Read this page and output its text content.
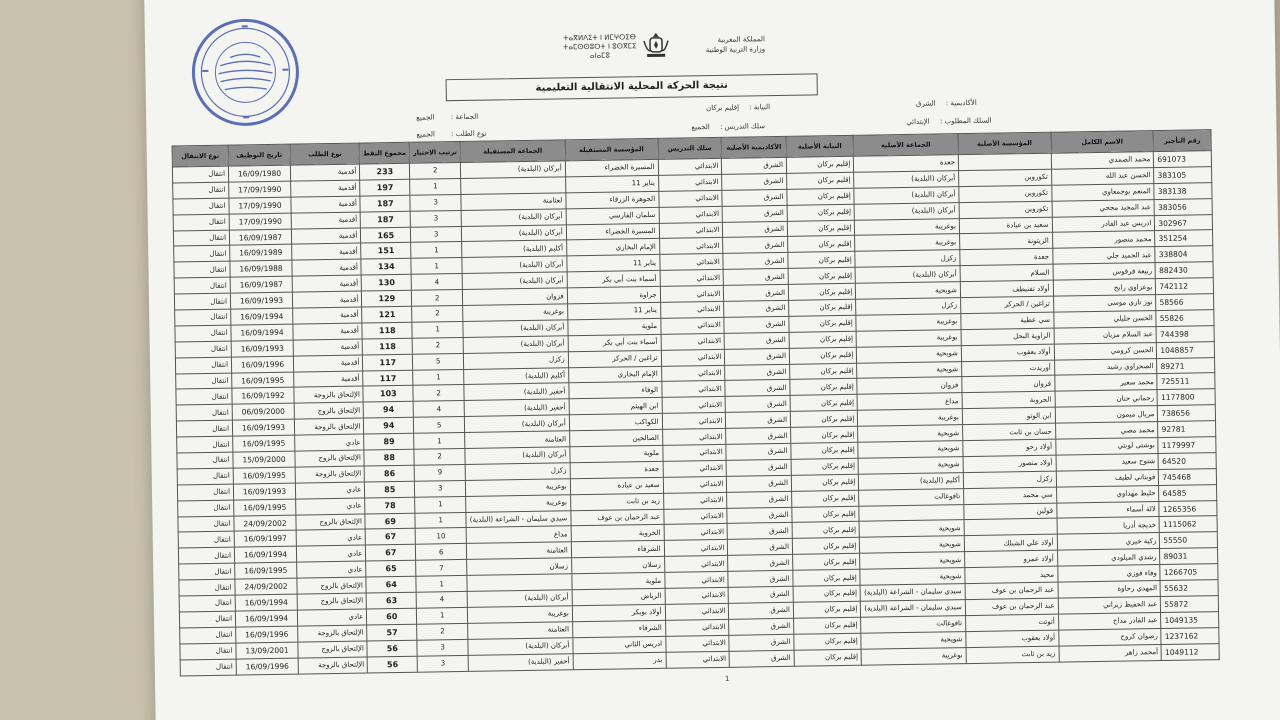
ⵜⴰⴳⵍⴷⵉⵜ ⵏ ⵍⵎⵖⵔⵉⴱ
ⵜⴰⵎⵙⵙⵓⵔⵜ ⵏ ⵓⵙⴳⵎⵉ
ⴰⵏⴰⵎⵓ
المملكة المغربية
وزارة التربية الوطنية
نتيجة الحركة المحلية الانتقالية التعليمية
الأكاديمية : الشرق
النيابة : إقليم بركان
الجماعة : الجميع	السلك المطلوب : الإبتدائي
سلك التدريس : الجميع
نوع الطلب : الجميع
رقم التأجير	الاسم الكامل	المؤسسة الأصلية	الجماعة الأصلية	النيابة الأصلية	الأكاديمية الأصلية	سلك التدريس	المؤسسة المستقبلة	الجماعة المستقبلة	ترتيب الاختيار	مجموع النقط	نوع الطلب	تاريخ التوظيف	نوع الانتقال
691073	محمد الصمدي		جعدة	إقليم بركان	الشرق	الابتدائي	المسيرة الخضراء	أبركان (البلدية)	2	233	أقدمية	16/09/1980	انتقال
383105	الحسن عبد الله	تكوروين	أبركان (البلدية)	إقليم بركان	الشرق	الابتدائي	يناير 11		1	197	أقدمية	17/09/1990	انتقال
383138	المنعم بوجمعاوي	تكوروين	أبركان (البلدية)	إقليم بركان	الشرق	الابتدائي	الجوهرة الزرقاء	لعثامنة	3	187	أقدمية	17/09/1990	انتقال
383056	عبد المجيد مجحي	تكوروين	أبركان (البلدية)	إقليم بركان	الشرق	الابتدائي	سلمان الفارسي	أبركان (البلدية)	3	187	أقدمية	17/09/1990	انتقال
302967	ادريس عبد القادر	سعيد بن عبادة	بوغريبة	إقليم بركان	الشرق	الابتدائي	المسيرة الخضراء	أبركان (البلدية)	3	165	أقدمية	16/09/1987	انتقال
351254	محمد منصور	الزيتونة	بوغريبة	إقليم بركان	الشرق	الابتدائي	الإمام البخاري	أكليم (البلدية)	1	151	أقدمية	16/09/1989	انتقال
338804	عبد الحميد جلي	جعدة	زكزل	إقليم بركان	الشرق	الابتدائي	يناير 11	أبركان (البلدية)	1	134	أقدمية	16/09/1988	انتقال
882430	ربيعة قرقوس	السلام	أبركان (البلدية)	إقليم بركان	الشرق	الابتدائي	أسماء بنت أبي بكر	أبركان (البلدية)	4	130	أقدمية	16/09/1987	انتقال
742112	بوعزاوي رابح	أولاد تفنيطف	شويحية	إقليم بركان	الشرق	الابتدائي	جراوة	فزوان	2	129	أقدمية	16/09/1993	انتقال
58566	نور تازي موسى	تزاغين / الحركر	زكزل	إقليم بركان	الشرق	الابتدائي	يناير 11	بوغريبة	2	121	أقدمية	16/09/1994	انتقال
55826	الحسن جليلي	سي عطية	بوغريبة	إقليم بركان	الشرق	الابتدائي	ملوية	أبركان (البلدية)	1	118	أقدمية	16/09/1994	انتقال
744398	عبد السلام مزيان	الزاوية البحل	بوغريبة	إقليم بركان	الشرق	الابتدائي	أسماء بنت أبي بكر	أبركان (البلدية)	2	118	أقدمية	16/09/1993	انتقال
1048857	الحسن كرومي	أولاد يعقوب	شويحية	إقليم بركان	الشرق	الابتدائي	تزاغين / الحركر	زكزل	5	117	أقدمية	16/09/1996	انتقال
89271	الصحراوي رشيد	أوريدت	شويحية	إقليم بركان	الشرق	الابتدائي	الإمام البخاري	أكليم (البلدية)	1	117	أقدمية	16/09/1995	انتقال
725511	محمد سعير	فزوان	فزوان	إقليم بركان	الشرق	الابتدائي	الوفاء	أحفير (البلدية)	2	103	الإلتحاق بالزوجة	16/09/1992	انتقال
1177800	رحماني حنان	الحروبة	مداغ	إقليم بركان	الشرق	الابتدائي	ابن الهيثم	أحفير (البلدية)	4	94	الإلتحاق بالزوج	06/09/2000	انتقال
738656	مريال ميمون	ابن الوتو	بوغريبة	إقليم بركان	الشرق	الابتدائي	الكواكب	أبركان (البلدية)	5	94	الإلتحاق بالزوجة	16/09/1993	انتقال
92781	محمد مصي	حسان بن ثابت	شويحية	إقليم بركان	الشرق	الابتدائي	الصالحين	العثامنة	1	89	عادي	16/09/1995	انتقال
1179997	بوشتى لوبتي	أولاد رحو	شويحية	إقليم بركان	الشرق	الابتدائي	ملوية	أبركان (البلدية)	2	88	الإلتحاق بالزوج	15/09/2000	انتقال
64520	شتوح سعيد	أولاد منصور	شويحية	إقليم بركان	الشرق	الابتدائي	جعدة	زكزل	9	86	الإلتحاق بالزوجة	16/09/1995	انتقال
745468	فوبتاني لطيف	زكزل	أكليم (البلدية)	إقليم بركان	الشرق	الابتدائي	سعيد بن عبادة	بوغريبة	3	85	عادي	16/09/1993	انتقال
64585	حليط مهداوي	سي محمد	تافوغالت	إقليم بركان	الشرق	الابتدائي	زيد بن ثابت	بوغريبة	1	78	عادي	16/09/1995	انتقال
1265356	لالة أسماء	قولين		إقليم بركان	الشرق	الابتدائي	عبد الرحمان بن عوف	سيدي سليمان - الشراعة (البلدية)	1	69	الإلتحاق بالزوج	24/09/2002	انتقال
1115062	خديجة أدريا		شويحية	إقليم بركان	الشرق	الابتدائي	الخروبة	مداغ	10	67	عادي	16/09/1997	انتقال
55550	زكية خيري	أولاد علي الشبلك	شويحية	إقليم بركان	الشرق	الابتدائي	الشرفاء	العثامنة	6	67	عادي	16/09/1994	انتقال
89031	رشدي الميلودي	أولاد عمرو	شويحية	إقليم بركان	الشرق	الابتدائي	زسلان	زسلان	7	65	عادي	16/09/1995	انتقال
1266705	وفاء فوزي	محيد	شويحية	إقليم بركان	الشرق	الابتدائي	ملوية		1	64	الإلتحاق بالزوج	24/09/2002	انتقال
55632	المهدي رحاوة	عبد الرحمان بن عوف	سيدي سليمان - الشراعة (البلدية)	إقليم بركان	الشرق	الابتدائي	الرياض	أبركان (البلدية)	4	63	الإلتحاق بالزوج	16/09/1994	انتقال
55872	عبد الحفيظ زيراني	عبد الرحمان بن عوف	سيدي سليمان - الشراعة (البلدية)	إقليم بركان	الشرق	الابتدائي	أولاد بوبكر	بوغريبة	1	60	عادي	16/09/1994	انتقال
1049135	عبد القادر مداح	أتوتت	تافوغالت	إقليم بركان	الشرق	الابتدائي	الشرفاء	العثامنة	2	57	الإلتحاق بالزوجة	16/09/1996	انتقال
1237162	رضوان كروح	أولاد يعقوب	شويحية	إقليم بركان	الشرق	الابتدائي	ادريس الثاني	أبركان (البلدية)	3	56	الإلتحاق بالزوج	13/09/2001	انتقال
1049112	أمحمد زاهر	زيد بن ثابت	بوغريبة	إقليم بركان	الشرق	الابتدائي	بدر	أحفير (البلدية)	3	56	الإلتحاق بالزوجة	16/09/1996	انتقال
1
